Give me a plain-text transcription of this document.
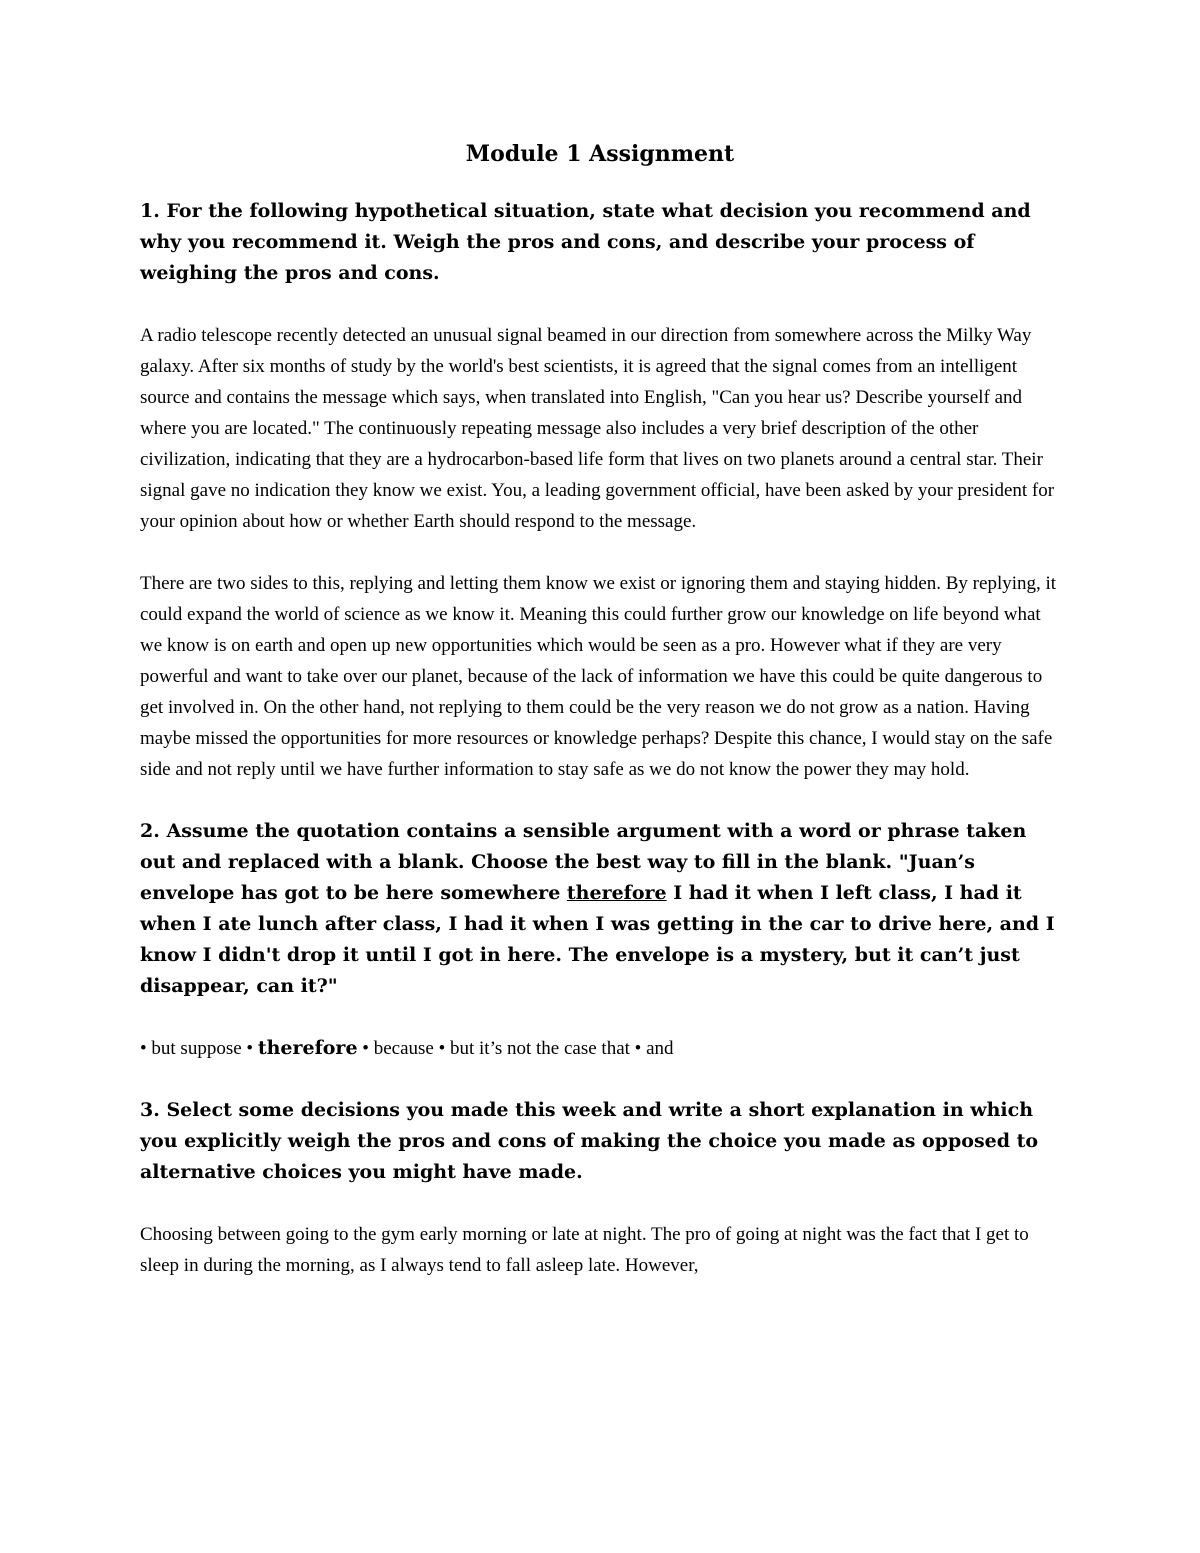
Module 1 Assignment
1. For the following hypothetical situation, state what decision you recommend and why you recommend it. Weigh the pros and cons, and describe your process of weighing the pros and cons.
A radio telescope recently detected an unusual signal beamed in our direction from somewhere across the Milky Way galaxy. After six months of study by the world's best scientists, it is agreed that the signal comes from an intelligent source and contains the message which says, when translated into English, "Can you hear us? Describe yourself and where you are located." The continuously repeating message also includes a very brief description of the other civilization, indicating that they are a hydrocarbon-based life form that lives on two planets around a central star. Their signal gave no indication they know we exist. You, a leading government official, have been asked by your president for your opinion about how or whether Earth should respond to the message.
There are two sides to this, replying and letting them know we exist or ignoring them and staying hidden. By replying, it could expand the world of science as we know it. Meaning this could further grow our knowledge on life beyond what we know is on earth and open up new opportunities which would be seen as a pro. However what if they are very powerful and want to take over our planet, because of the lack of information we have this could be quite dangerous to get involved in. On the other hand, not replying to them could be the very reason we do not grow as a nation. Having maybe missed the opportunities for more resources or knowledge perhaps? Despite this chance, I would stay on the safe side and not reply until we have further information to stay safe as we do not know the power they may hold.
2. Assume the quotation contains a sensible argument with a word or phrase taken out and replaced with a blank. Choose the best way to fill in the blank. "Juan’s envelope has got to be here somewhere therefore I had it when I left class, I had it when I ate lunch after class, I had it when I was getting in the car to drive here, and I know I didn't drop it until I got in here. The envelope is a mystery, but it can’t just disappear, can it?"
• but suppose • therefore • because • but it’s not the case that • and
3. Select some decisions you made this week and write a short explanation in which you explicitly weigh the pros and cons of making the choice you made as opposed to alternative choices you might have made.
Choosing between going to the gym early morning or late at night. The pro of going at night was the fact that I get to sleep in during the morning, as I always tend to fall asleep late. However,
